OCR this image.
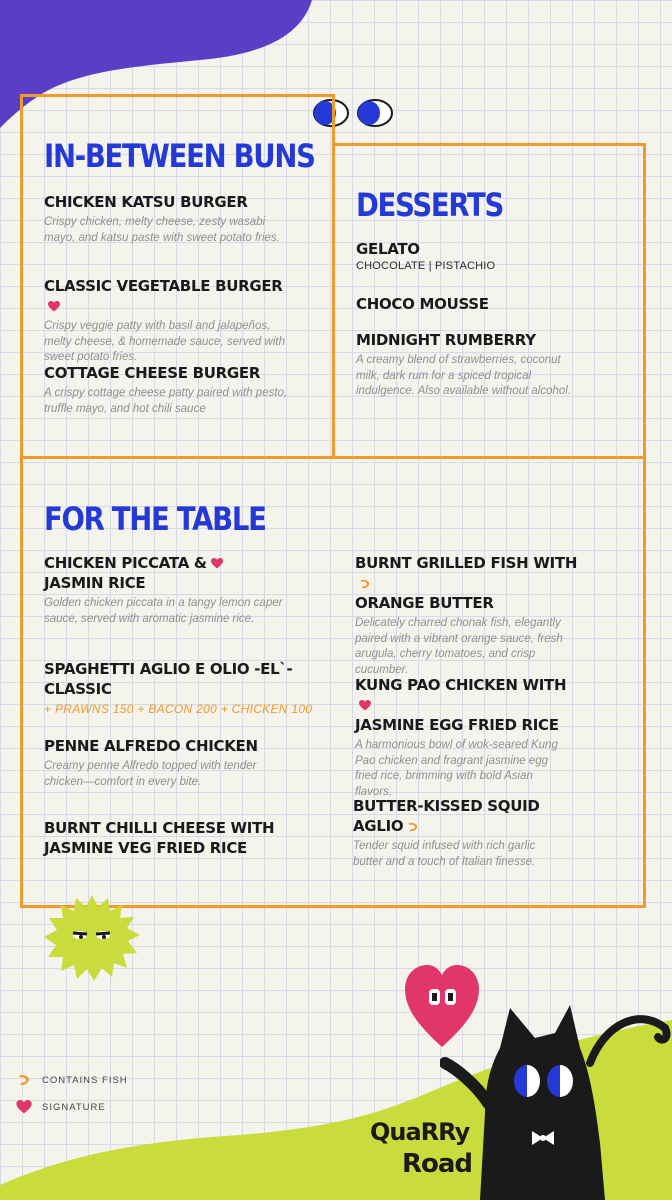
IN-BETWEEN BUNS
CHICKEN KATSU BURGER
Crispy chicken, melty cheese, zesty wasabi mayo, and katsu paste with sweet potato fries.
CLASSIC VEGETABLE BURGER
Crispy veggie patty with basil and jalapeños, melty cheese, & homemade sauce, served with sweet potato fries.
COTTAGE CHEESE BURGER
A crispy cottage cheese patty paired with pesto, truffle mayo, and hot chili sauce
DESSERTS
GELATO
CHOCOLATE | PISTACHIO
CHOCO MOUSSE
MIDNIGHT RUMBERRY
A creamy blend of strawberries, coconut milk, dark rum for a spiced tropical indulgence. Also available without alcohol.
FOR THE TABLE
CHICKEN PICCATA &
JASMIN RICE
Golden chicken piccata in a tangy lemon caper sauce, served with aromatic jasmine rice.
SPAGHETTI AGLIO E OLIO -EL`-
CLASSIC
+ PRAWNS 150 + BACON 200 + CHICKEN 100
PENNE ALFREDO CHICKEN
Creamy penne Alfredo topped with tender chicken—comfort in every bite.
BURNT CHILLI CHEESE WITH
JASMINE VEG FRIED RICE
BURNT GRILLED FISH WITH
ORANGE BUTTER
Delicately charred chonak fish, elegantly paired with a vibrant orange sauce, fresh arugula, cherry tomatoes, and crisp cucumber.
KUNG PAO CHICKEN WITH
JASMINE EGG FRIED RICE
A harmonious bowl of wok-seared Kung Pao chicken and fragrant jasmine egg fried rice, brimming with bold Asian flavors.
BUTTER-KISSED SQUID AGLIO
Tender squid infused with rich garlic butter and a touch of Italian finesse.
QuaRRy
Road
CONTAINS FISH
SIGNATURE
